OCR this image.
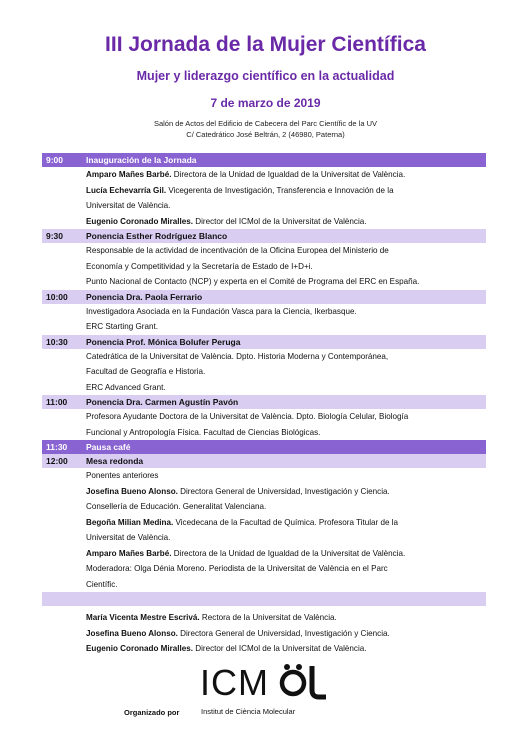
III Jornada de la Mujer Científica
Mujer y liderazgo científico en la actualidad
7 de marzo de 2019
Salón de Actos del Edificio de Cabecera del Parc Científic de la UV
C/ Catedrático José Beltrán, 2 (46980, Paterna)
9:00	Inauguración de la Jornada
Amparo Mañes Barbé. Directora de la Unidad de Igualdad de la Universitat de València.
Lucía Echevarría Gil. Vicegerenta de Investigación, Transferencia e Innovación de la
Universitat de València.
Eugenio Coronado Miralles. Director del ICMol de la Universitat de València.
9:30	Ponencia Esther Rodríguez Blanco
Responsable de la actividad de incentivación de la Oficina Europea del Ministerio de
Economía y Competitividad y la Secretaría de Estado de I+D+i.
Punto Nacional de Contacto (NCP) y experta en el Comité de Programa del ERC en España.
10:00	Ponencia Dra. Paola Ferrario
Investigadora Asociada en la Fundación Vasca para la Ciencia, Ikerbasque.
ERC Starting Grant.
10:30	Ponencia Prof. Mónica Bolufer Peruga
Catedrática de la Universitat de València. Dpto. Historia Moderna y Contemporánea,
Facultad de Geografía e Historia.
ERC Advanced Grant.
11:00	Ponencia Dra. Carmen Agustín Pavón
Profesora Ayudante Doctora de la Universitat de València. Dpto. Biología Celular, Biología
Funcional y Antropología Física. Facultad de Ciencias Biológicas.
11:30	Pausa café
12:00	Mesa redonda
Ponentes anteriores
Josefina Bueno Alonso. Directora General de Universidad, Investigación y Ciencia.
Consellería de Educación. Generalitat Valenciana.
Begoña Milian Medina. Vicedecana de la Facultad de Química. Profesora Titular de la
Universitat de València.
Amparo Mañes Barbé. Directora de la Unidad de Igualdad de la Universitat de València.
Moderadora: Olga Dénia Moreno. Periodista de la Universitat de València en el Parc
Científic.
María Vicenta Mestre Escrivá. Rectora de la Universitat de València.
Josefina Bueno Alonso. Directora General de Universidad, Investigación y Ciencia.
Eugenio Coronado Miralles. Director del ICMol de la Universitat de València.
ICM
Organizado por	Institut de Ciència Molecular
